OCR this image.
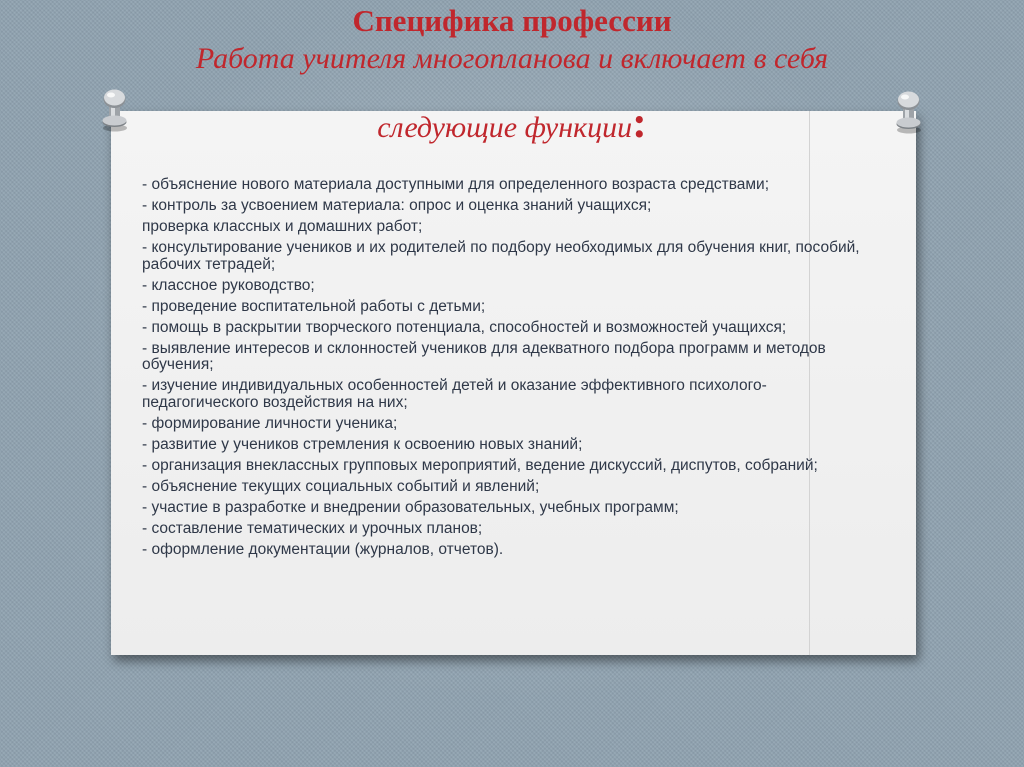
Специфика профессии

Работа учителя многопланова и включает в себя

следующие функции:
- объяснение нового материала доступными для определенного возраста средствами;
- контроль за усвоением материала: опрос и оценка знаний учащихся;
проверка классных и домашних работ;
- консультирование учеников и их родителей по подбору необходимых для обучения книг, пособий, рабочих тетрадей;
- классное руководство;
- проведение воспитательной работы с детьми;
- помощь в раскрытии творческого потенциала, способностей и возможностей учащихся;
- выявление интересов и склонностей учеников для адекватного подбора программ и методов обучения;
- изучение индивидуальных особенностей детей и оказание эффективного психолого-педагогического воздействия на них;
- формирование личности ученика;
- развитие у учеников стремления к освоению новых знаний;
- организация внеклассных групповых мероприятий, ведение дискуссий, диспутов, собраний;
- объяснение текущих социальных событий и явлений;
- участие в разработке и внедрении образовательных, учебных программ;
- составление тематических и урочных планов;
- оформление документации (журналов, отчетов).
